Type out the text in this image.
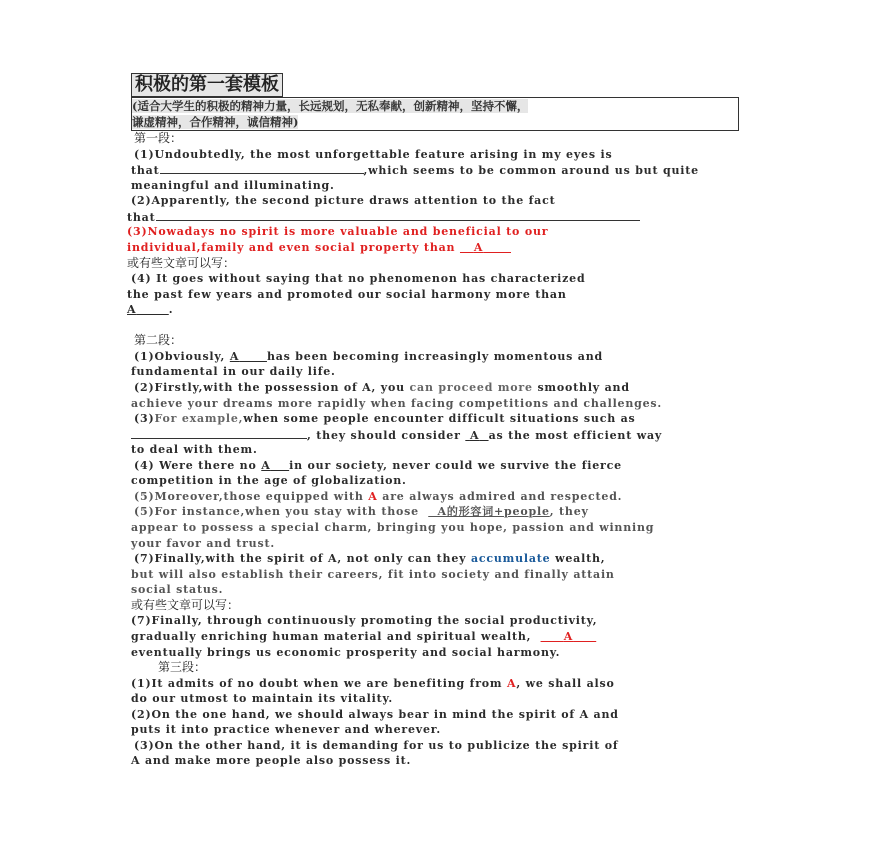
积极的第一套模板
(适合大学生的积极的精神力量，长远规划，无私奉献，创新精神，坚持不懈，
谦虚精神，合作精神，诚信精神)
第一段：
(1)Undoubtedly, the most unforgettable feature arising in my eyes is
that	,which seems to be common around us but quite
meaningful and illuminating.
(2)Apparently, the second picture draws attention to the fact
that
(3)Nowadays no spirit is more valuable and beneficial to our
individual,family and even social property than A
或有些文章可以写：
(4) It goes without saying that no phenomenon has characterized
the past few years and promoted our social harmony more than
A	.
第二段：
(1)Obviously, A	has been becoming increasingly momentous and
fundamental in our daily life.
(2)Firstly,with the possession of A, you can proceed more smoothly and
achieve your dreams more rapidly when facing competitions and challenges.
(3)For example,when some people encounter difficult situations such as
, they should consider A as the most efficient way
to deal with them.
(4) Were there no A in our society, never could we survive the fierce
competition in the age of globalization.
(5)Moreover,those equipped with A are always admired and respected.
(5)For instance,when you stay with those A的形容词+people, they
appear to possess a special charm, bringing you hope, passion and winning
your favor and trust.
(7)Finally,with the spirit of A, not only can they accumulate wealth,
but will also establish their careers, fit into society and finally attain
social status.
或有些文章可以写：
(7)Finally, through continuously promoting the social productivity,
gradually enriching human material and spiritual wealth,	A
eventually brings us economic prosperity and social harmony.
第三段：
(1)It admits of no doubt when we are benefiting from A, we shall also
do our utmost to maintain its vitality.
(2)On the one hand, we should always bear in mind the spirit of A and
puts it into practice whenever and wherever.
(3)On the other hand, it is demanding for us to publicize the spirit of
A and make more people also possess it.
